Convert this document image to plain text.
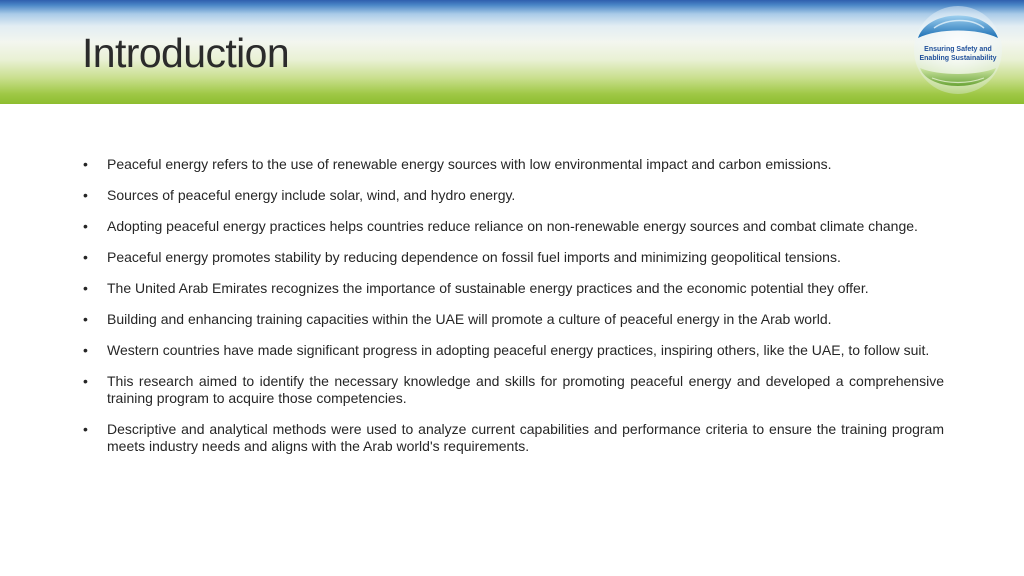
Introduction	Ensuring Safety and
Enabling Sustainability
• Peaceful energy refers to the use of renewable energy sources with low environmental impact and carbon emissions.
• Sources of peaceful energy include solar, wind, and hydro energy.
• Adopting peaceful energy practices helps countries reduce reliance on non-renewable energy sources and combat climate change.
• Peaceful energy promotes stability by reducing dependence on fossil fuel imports and minimizing geopolitical tensions.
• The United Arab Emirates recognizes the importance of sustainable energy practices and the economic potential they offer.
• Building and enhancing training capacities within the UAE will promote a culture of peaceful energy in the Arab world.
• Western countries have made significant progress in adopting peaceful energy practices, inspiring others, like the UAE, to follow suit.
• This research aimed to identify the necessary knowledge and skills for promoting peaceful energy and developed a comprehensive training program to acquire those competencies.
• Descriptive and analytical methods were used to analyze current capabilities and performance criteria to ensure the training program meets industry needs and aligns with the Arab world's requirements.
